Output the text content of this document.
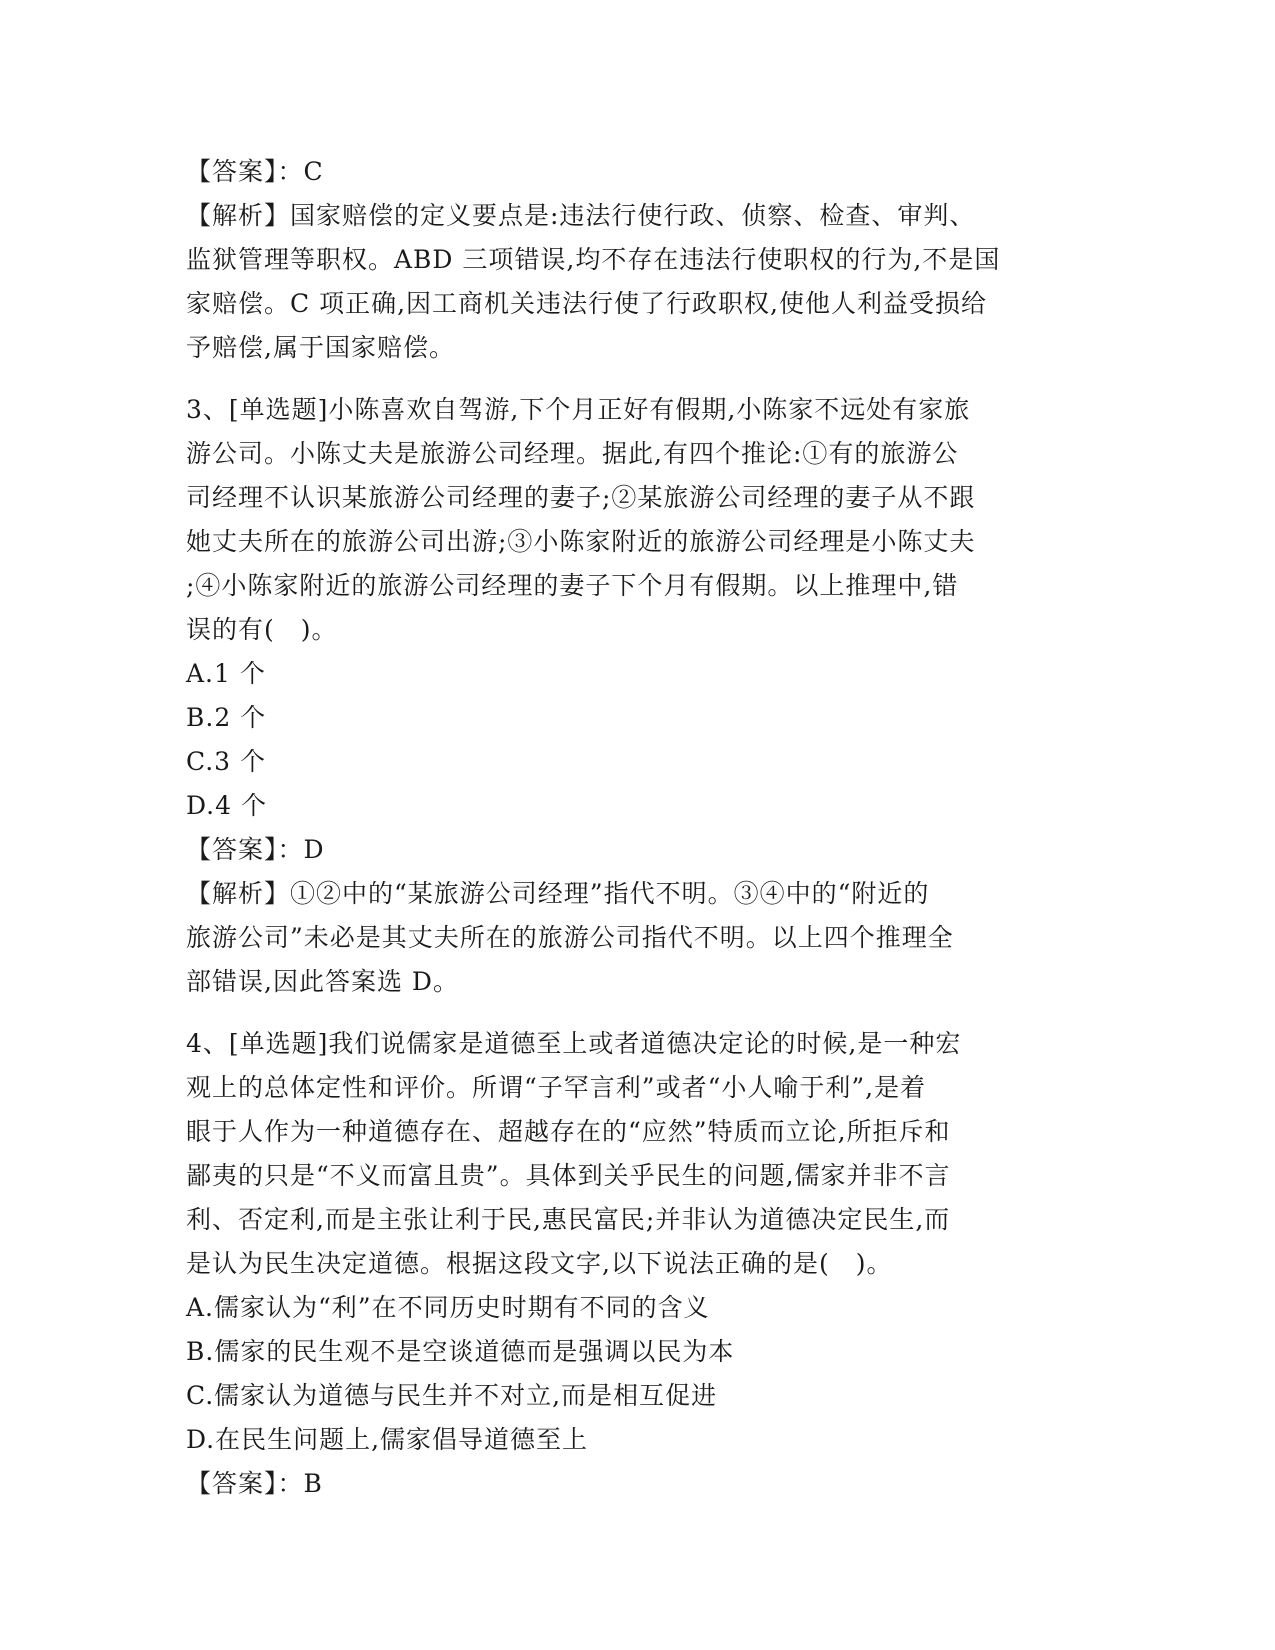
【答案】：C
【解析】国家赔偿的定义要点是:违法行使行政、侦察、检查、审判、
监狱管理等职权。ABD 三项错误,均不存在违法行使职权的行为,不是国
家赔偿。C 项正确,因工商机关违法行使了行政职权,使他人利益受损给
予赔偿,属于国家赔偿。
3、[单选题]小陈喜欢自驾游,下个月正好有假期,小陈家不远处有家旅
游公司。小陈丈夫是旅游公司经理。据此,有四个推论:①有的旅游公
司经理不认识某旅游公司经理的妻子;②某旅游公司经理的妻子从不跟
她丈夫所在的旅游公司出游;③小陈家附近的旅游公司经理是小陈丈夫
;④小陈家附近的旅游公司经理的妻子下个月有假期。以上推理中,错
误的有(　)。
A.1 个
B.2 个
C.3 个
D.4 个
【答案】：D
【解析】①②中的“某旅游公司经理”指代不明。③④中的“附近的
旅游公司”未必是其丈夫所在的旅游公司指代不明。以上四个推理全
部错误,因此答案选 D。
4、[单选题]我们说儒家是道德至上或者道德决定论的时候,是一种宏
观上的总体定性和评价。所谓“子罕言利”或者“小人喻于利”,是着
眼于人作为一种道德存在、超越存在的“应然”特质而立论,所拒斥和
鄙夷的只是“不义而富且贵”。具体到关乎民生的问题,儒家并非不言
利、否定利,而是主张让利于民,惠民富民;并非认为道德决定民生,而
是认为民生决定道德。根据这段文字,以下说法正确的是(　)。
A.儒家认为“利”在不同历史时期有不同的含义
B.儒家的民生观不是空谈道德而是强调以民为本
C.儒家认为道德与民生并不对立,而是相互促进
D.在民生问题上,儒家倡导道德至上
【答案】：B
